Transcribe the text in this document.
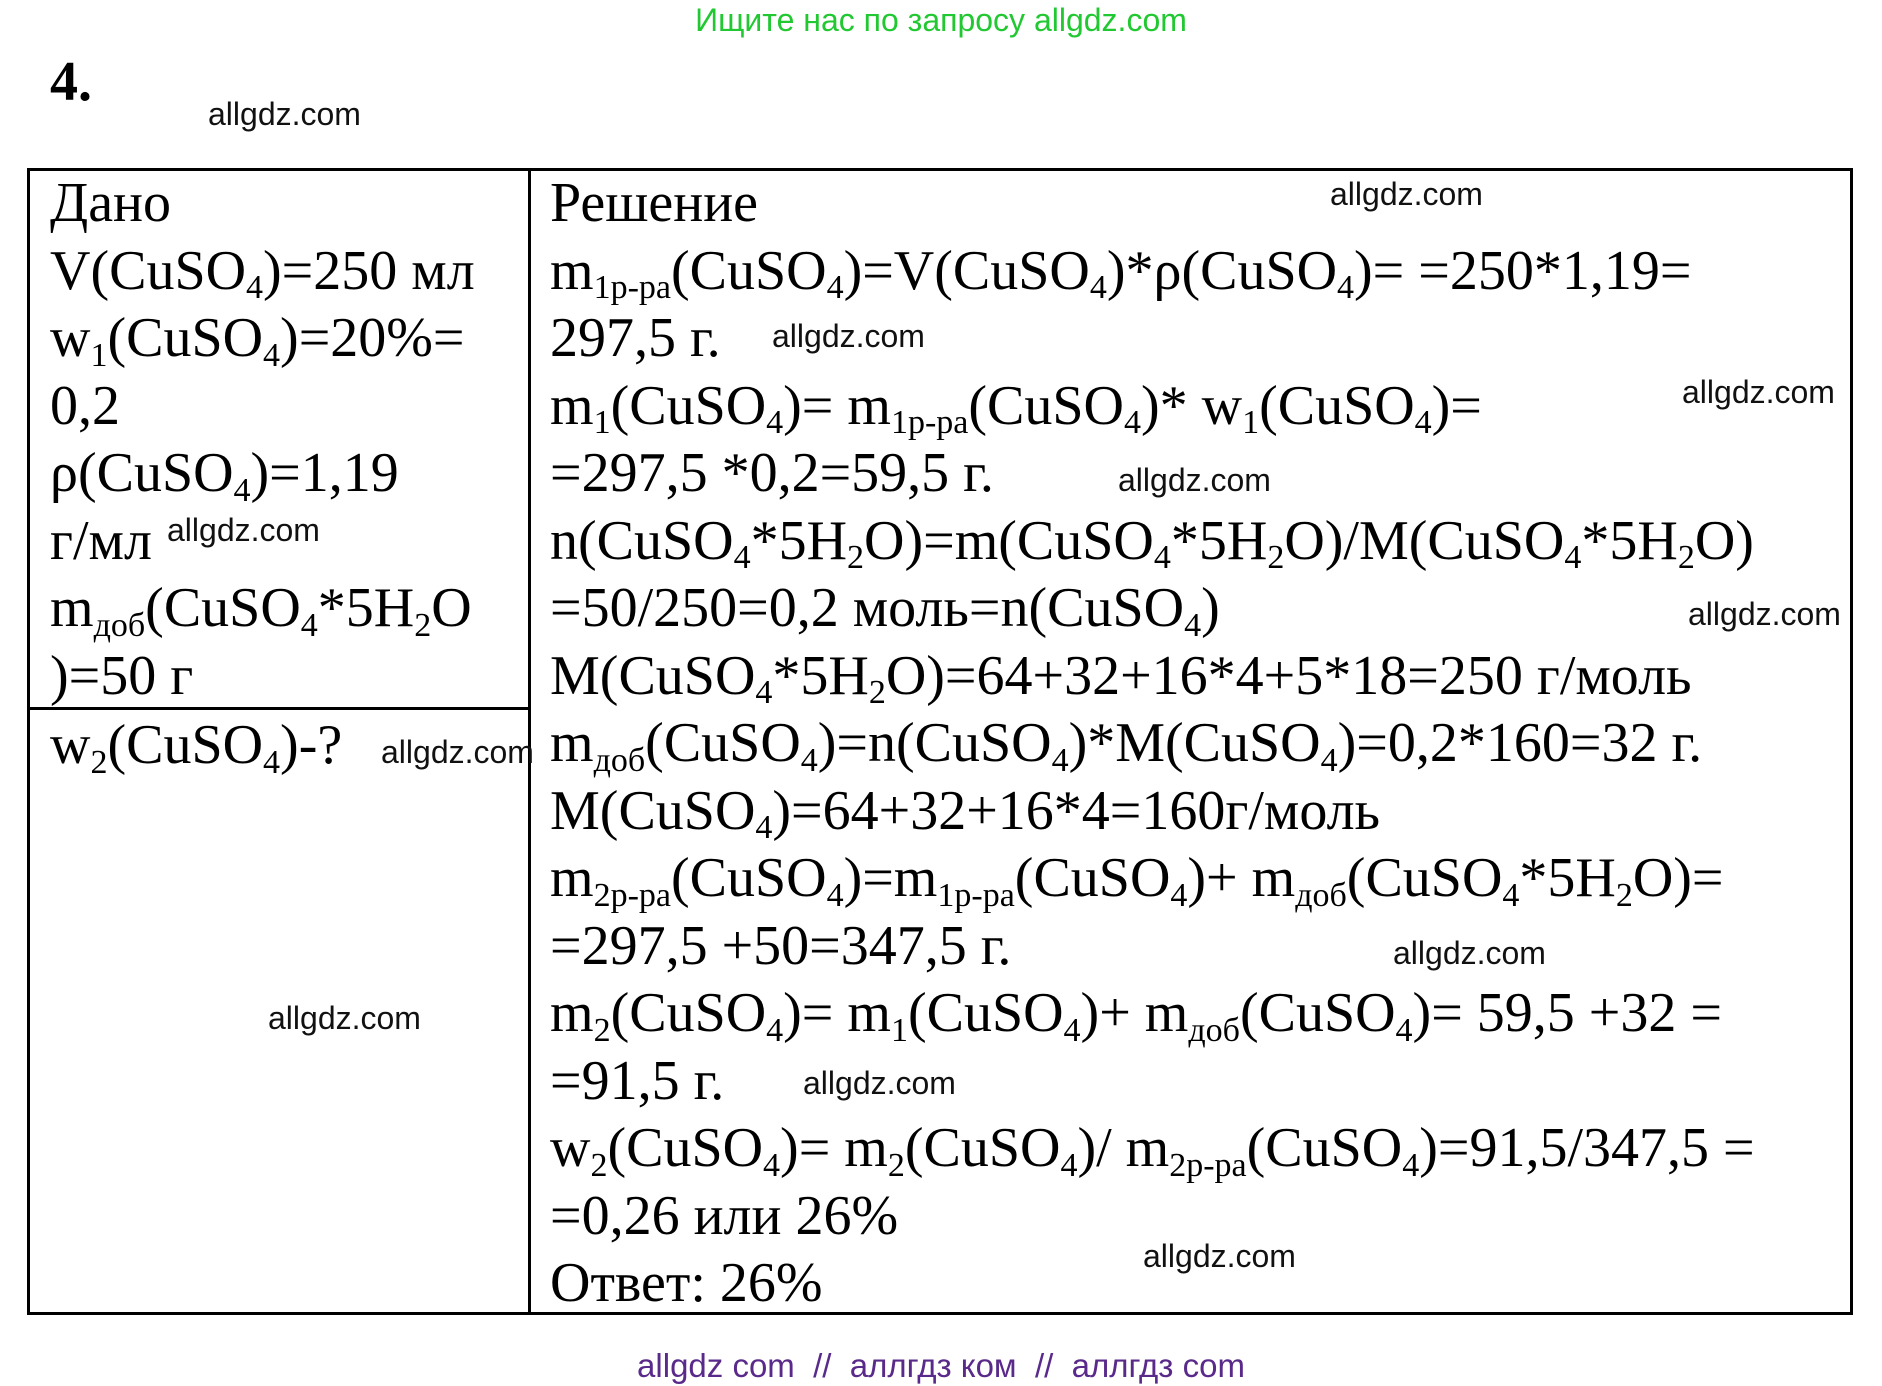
Ищите нас по запросу allgdz.com
4.
Дано
V(CuSO$_4$)=250 мл
$w_1(CuSO_4)=20\%=$
0,2
ρ(CuSO$_4$)=1,19
г/мл
$m_{доб}(CuSO_4*5H_2O$
)=50 г
$w_2(CuSO_4)-$?
Решение
$m_{1р-ра}(CuSO_4)=V(CuSO_4)*\rho(CuSO_4)= =250*1,19=$
297,5 г.
$m_1(CuSO_4)=$ $m_{1р-ра}(CuSO_4)*$ $w_1(CuSO_4)=$
=297,5 *0,2=59,5 г.
$n(CuSO_4*5H_2O)=m(CuSO_4*5H_2O)/M(CuSO_4*5H_2O)$
=50/250=0,2 моль=n(CuSO$_4$)
$M(CuSO_4*5H_2O)=64+32+16*4+5*18=250$ г/моль
$m_{доб}(CuSO_4)=n(CuSO_4)*M(CuSO_4)=0,2*160=32$ г.
M(CuSO$_4$)=64+32+16*4=160г/моль
$m_{2р-ра}(CuSO_4)=m_{1р-ра}(CuSO_4)+$ $m_{доб}(CuSO_4*5H_2O)=$
=297,5 +50=347,5 г.
$m_2(CuSO_4)=$ $m_1(CuSO_4)+$ $m_{доб}(CuSO_4)= 59,5 +32$ =
=91,5 г.
$w_2(CuSO_4)=$ $m_2(CuSO_4)/$ $m_{2р-ра}(CuSO_4)=91,5/347,5$ =
=0,26 или 26%
Ответ: 26%
allgdz.com
allgdz.com
allgdz.com
allgdz.com
allgdz.com
allgdz.com
allgdz.com
allgdz.com
allgdz.com
allgdz.com
allgdz.com
allgdz.com
allgdz com  //  аллгдз ком  //  аллгдз com
